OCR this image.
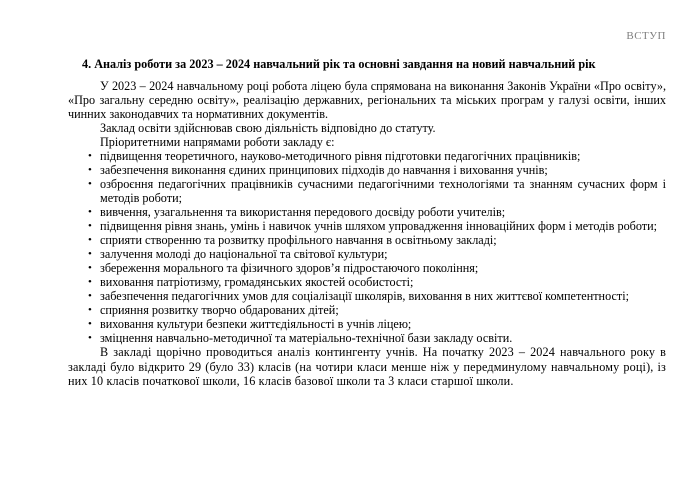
ВСТУП

4. Аналіз роботи за 2023 – 2024 навчальний рік та основні завдання на новий навчальний рік

У 2023 – 2024 навчальному році робота ліцею була спрямована на виконання Законів України «Про освіту», «Про загальну середню освіту», реалізацію державних, регіональних та міських програм у галузі освіти, інших чинних законодавчих та нормативних документів.

Заклад освіти здійснював свою діяльність відповідно до статуту.

Пріоритетними напрямами роботи закладу є:

• підвищення теоретичного, науково-методичного рівня підготовки педагогічних працівників;
• забезпечення виконання єдиних принципових підходів до навчання і виховання учнів;
• озброєння педагогічних працівників сучасними педагогічними технологіями та знанням сучасних форм і методів роботи;
• вивчення, узагальнення та використання передового досвіду роботи учителів;
• підвищення рівня знань, умінь і навичок учнів шляхом упровадження інноваційних форм і методів роботи;
• сприяти створенню та розвитку профільного навчання в освітньому закладі;
• залучення молоді до національної та світової культури;
• збереження морального та фізичного здоров’я підростаючого покоління;
• виховання патріотизму, громадянських якостей особистості;
• забезпечення педагогічних умов для соціалізації школярів, виховання в них життєвої компетентності;
• сприяння розвитку творчо обдарованих дітей;
• виховання культури безпеки життєдіяльності в учнів ліцею;
• зміцнення навчально-методичної та матеріально-технічної бази закладу освіти.

В закладі щорічно проводиться аналіз контингенту учнів. На початку 2023 – 2024 навчального року в закладі було відкрито 29 (було 33) класів (на чотири класи менше ніж у передминулому навчальному році), із них 10 класів початкової школи, 16 класів базової школи та 3 класи старшої школи.
